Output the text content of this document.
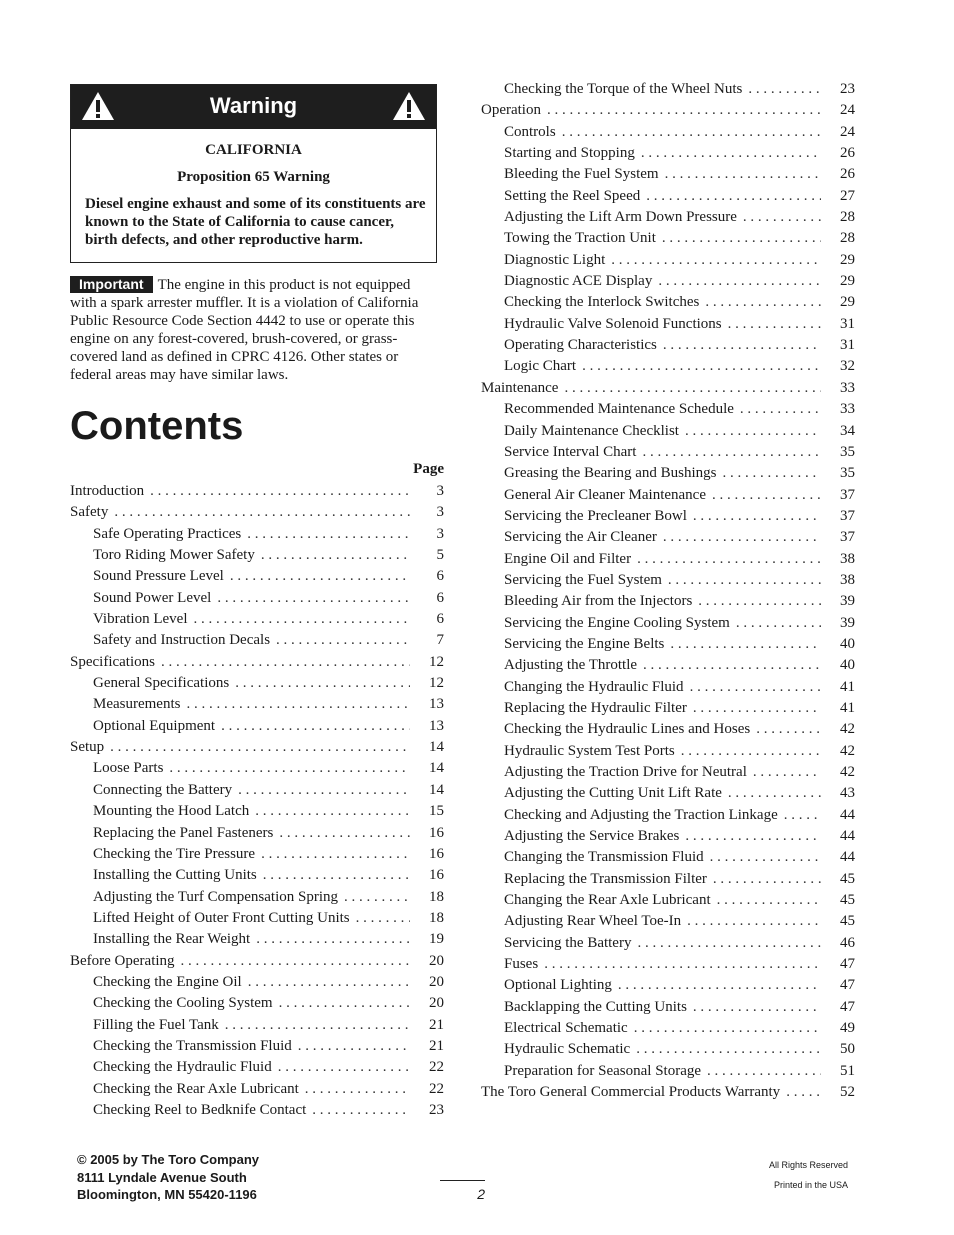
Warning
CALIFORNIA
Proposition 65 Warning
Diesel engine exhaust and some of its constituents are known to the State of California to cause cancer, birth defects, and other reproductive harm.
Important The engine in this product is not equipped with a spark arrester muffler. It is a violation of California Public Resource Code Section 4442 to use or operate this engine on any forest-covered, brush-covered, or grass-covered land as defined in CPRC 4126. Other states or federal areas may have similar laws.
Contents
Page
Introduction . . .	3
Safety . . .	3
Safe Operating Practices . . .	3
Toro Riding Mower Safety . . .	5
Sound Pressure Level . . .	6
Sound Power Level . . .	6
Vibration Level . . .	6
Safety and Instruction Decals . . .	7
Specifications . . .	12
General Specifications . . .	12
Measurements . . .	13
Optional Equipment . . .	13
Setup . . .	14
Loose Parts . . .	14
Connecting the Battery . . .	14
Mounting the Hood Latch . . .	15
Replacing the Panel Fasteners . . .	16
Checking the Tire Pressure . . .	16
Installing the Cutting Units . . .	16
Adjusting the Turf Compensation Spring . . .	18
Lifted Height of Outer Front Cutting Units . . .	18
Installing the Rear Weight . . .	19
Before Operating . . .	20
Checking the Engine Oil . . .	20
Checking the Cooling System . . .	20
Filling the Fuel Tank . . .	21
Checking the Transmission Fluid . . .	21
Checking the Hydraulic Fluid . . .	22
Checking the Rear Axle Lubricant . . .	22
Checking Reel to Bedknife Contact . . .	23
Checking the Torque of the Wheel Nuts . . .	23
Operation . . .	24
Controls . . .	24
Starting and Stopping . . .	26
Bleeding the Fuel System . . .	26
Setting the Reel Speed . . .	27
Adjusting the Lift Arm Down Pressure . . .	28
Towing the Traction Unit . . .	28
Diagnostic Light . . .	29
Diagnostic ACE Display . . .	29
Checking the Interlock Switches . . .	29
Hydraulic Valve Solenoid Functions . . .	31
Operating Characteristics . . .	31
Logic Chart . . .	32
Maintenance . . .	33
Recommended Maintenance Schedule . . .	33
Daily Maintenance Checklist . . .	34
Service Interval Chart . . .	35
Greasing the Bearing and Bushings . . .	35
General Air Cleaner Maintenance . . .	37
Servicing the Precleaner Bowl . . .	37
Servicing the Air Cleaner . . .	37
Engine Oil and Filter . . .	38
Servicing the Fuel System . . .	38
Bleeding Air from the Injectors . . .	39
Servicing the Engine Cooling System . . .	39
Servicing the Engine Belts . . .	40
Adjusting the Throttle . . .	40
Changing the Hydraulic Fluid . . .	41
Replacing the Hydraulic Filter . . .	41
Checking the Hydraulic Lines and Hoses . . .	42
Hydraulic System Test Ports . . .	42
Adjusting the Traction Drive for Neutral . . .	42
Adjusting the Cutting Unit Lift Rate . . .	43
Checking and Adjusting the Traction Linkage . . .	44
Adjusting the Service Brakes . . .	44
Changing the Transmission Fluid . . .	44
Replacing the Transmission Filter . . .	45
Changing the Rear Axle Lubricant . . .	45
Adjusting Rear Wheel Toe-In . . .	45
Servicing the Battery . . .	46
Fuses . . .	47
Optional Lighting . . .	47
Backlapping the Cutting Units . . .	47
Electrical Schematic . . .	49
Hydraulic Schematic . . .	50
Preparation for Seasonal Storage . . .	51
The Toro General Commercial Products Warranty . . .	52
© 2005 by The Toro Company
8111 Lyndale Avenue South
Bloomington, MN 55420-1196
All Rights Reserved
Printed in the USA
2
